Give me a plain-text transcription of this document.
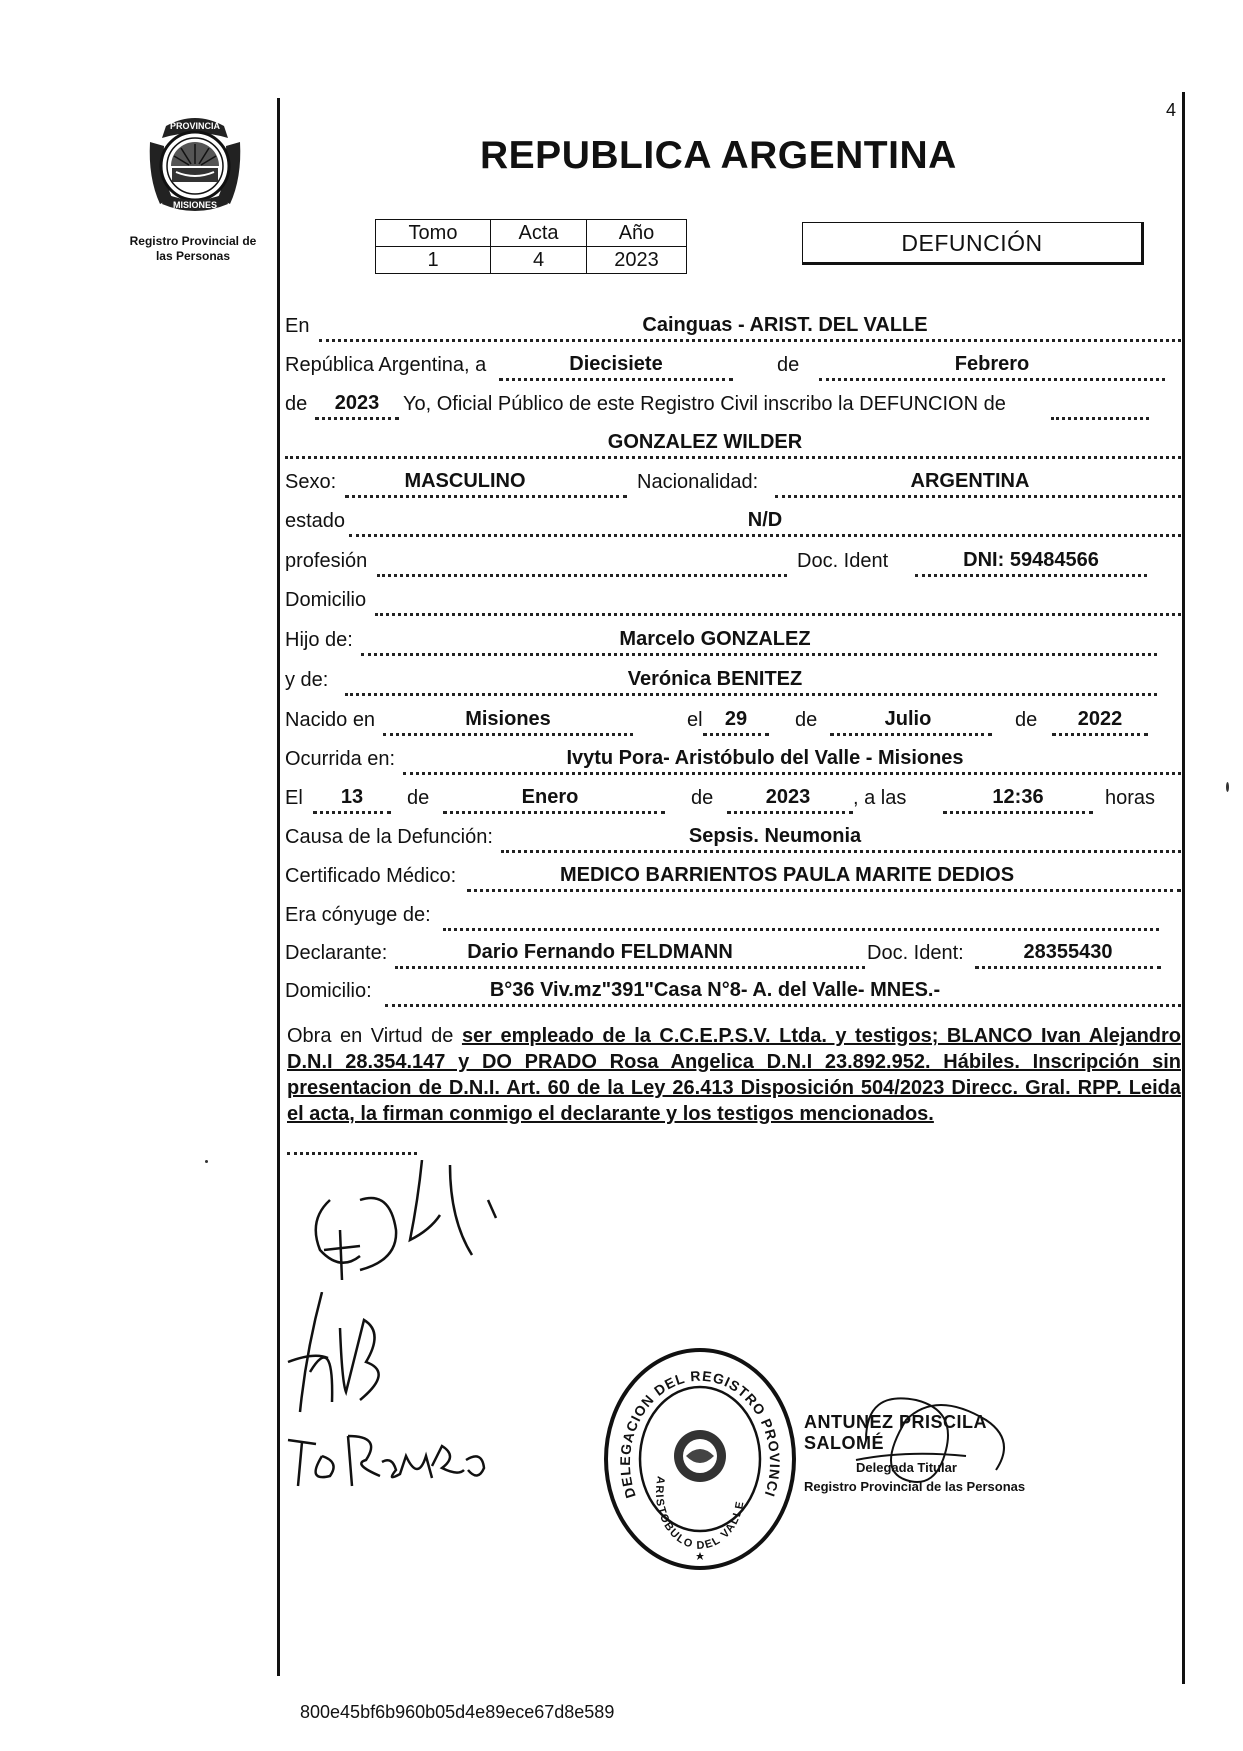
4
PROVINCIA
MISIONES
Registro Provincial de
las Personas
REPUBLICA ARGENTINA
Tomo	Acta	Año
1	4	2023
DEFUNCIÓN
En	Cainguas - ARIST. DEL VALLE
República Argentina, a	Diecisiete	de	Febrero
de	2023	Yo, Oficial Público de este Registro Civil inscribo la DEFUNCION de
GONZALEZ WILDER
Sexo:	MASCULINO	Nacionalidad:	ARGENTINA
estado	N/D
profesión	Doc. Ident	DNI: 59484566
Domicilio
Hijo de:	Marcelo GONZALEZ
y de:	Verónica BENITEZ
Nacido en	Misiones	el	29	de	Julio	de	2022
Ocurrida en:	Ivytu Pora- Aristóbulo del Valle - Misiones
El	13	de	Enero	de	2023	, a las	12:36	horas
Causa de la Defunción:	Sepsis. Neumonia
Certificado Médico:	MEDICO BARRIENTOS PAULA MARITE DEDIOS
Era cónyuge de:
Declarante:	Dario Fernando FELDMANN	Doc. Ident:	28355430
Domicilio:	B°36 Viv.mz"391"Casa N°8- A. del Valle- MNES.-
Obra en Virtud de ser empleado de la C.C.E.P.S.V. Ltda. y testigos; BLANCO Ivan Alejandro D.N.I 28.354.147 y DO PRADO Rosa Angelica D.N.I 23.892.952. Hábiles. Inscripción sin presentacion de D.N.I. Art. 60 de la Ley 26.413 Disposición 504/2023 Direcc. Gral. RPP. Leida el acta, la firman conmigo el declarante y los testigos mencionados.
DELEGACION DEL REGISTRO PROVINCI
ARISTOBULO DEL VALLE
ANTUNEZ PRISCILA SALOMÉ
Delegada Titular
Registro Provincial de las Personas
800e45bf6b960b05d4e89ece67d8e589
